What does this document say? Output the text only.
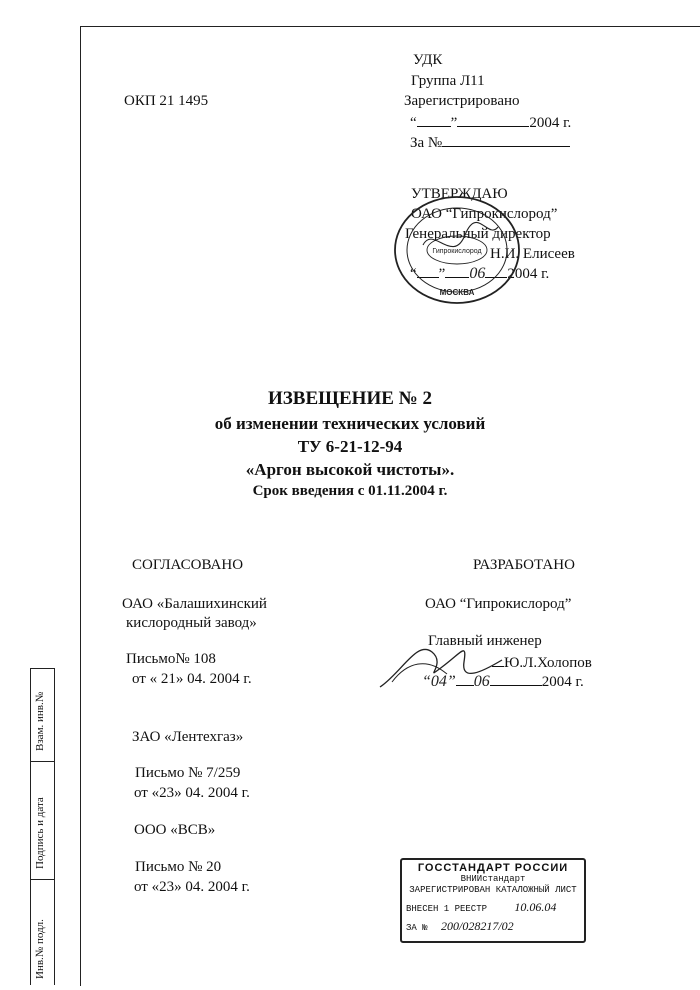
ОКП 21 1495
УДК
Группа Л11
Зарегистрировано
“ ”	2004 г.
За №
УТВЕРЖДАЮ
ОАО “Гипрокислород”
Генеральный директор
Н.И. Елисеев
“ ” 06 2004 г.
МОСКВА
Гипрокислород
ИЗВЕЩЕНИЕ № 2
об изменении технических условий
ТУ 6-21-12-94
«Аргон высокой чистоты».
Срок введения с 01.11.2004 г.
СОГЛАСОВАНО
ОАО «Балашихинский
кислородный завод»
Письмо№ 108
от « 21» 04. 2004 г.
ЗАО «Лентехгаз»
Письмо № 7/259
от «23» 04. 2004 г.
ООО «ВСВ»
Письмо № 20
от «23» 04. 2004 г.
РАЗРАБОТАНО
ОАО “Гипрокислород”
Главный инженер
Ю.Л.Холопов
“04” 06	2004 г.
ГОССТАНДАРТ РОССИИ
ВНИИстандарт
ЗАРЕГИСТРИРОВАН КАТАЛОЖНЫЙ ЛИСТ
ВНЕСЕН 1 РЕЕСТР 10.06.04
ЗА № 200/028217/02
Взам. инв.№
Подпись и дата
Инв.№ подл.
